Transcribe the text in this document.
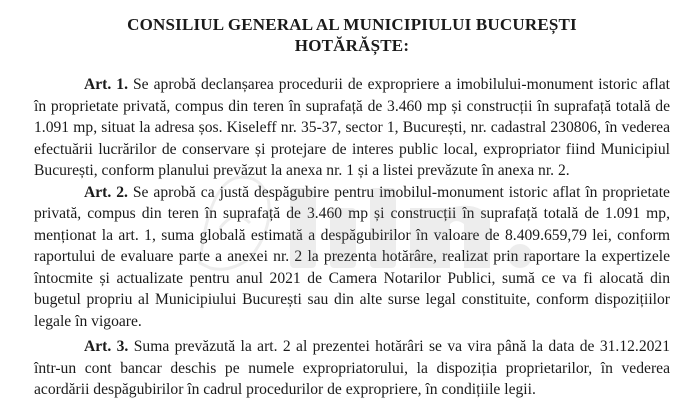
CONSILIUL GENERAL AL MUNICIPIULUI BUCUREȘTI

HOTĂRĂȘTE:

Art. 1. Se aprobă declanșarea procedurii de expropriere a imobilului-monument istoric aflat în proprietate privată, compus din teren în suprafață de 3.460 mp și construcții în suprafață totală de 1.091 mp, situat la adresa șos. Kiseleff nr. 35-37, sector 1, București, nr. cadastral 230806, în vederea efectuării lucrărilor de conservare și protejare de interes public local, expropriator fiind Municipiul București, conform planului prevăzut la anexa nr. 1 și a listei prevăzute în anexa nr. 2.

Art. 2. Se aprobă ca justă despăgubire pentru imobilul-monument istoric aflat în proprietate privată, compus din teren în suprafață de 3.460 mp și construcții în suprafață totală de 1.091 mp, menționat la art. 1, suma globală estimată a despăgubirilor în valoare de 8.409.659,79 lei, conform raportului de evaluare parte a anexei nr. 2 la prezenta hotărâre, realizat prin raportare la expertizele întocmite și actualizate pentru anul 2021 de Camera Notarilor Publici, sumă ce va fi alocată din bugetul propriu al Municipiului București sau din alte surse legal constituite, conform dispozițiilor legale în vigoare.

Art. 3. Suma prevăzută la art. 2 al prezentei hotărâri se va vira până la data de 31.12.2021 într-un cont bancar deschis pe numele expropriatorului, la dispoziția proprietarilor, în vederea acordării despăgubirilor în cadrul procedurilor de expropriere, în condițiile legii.
